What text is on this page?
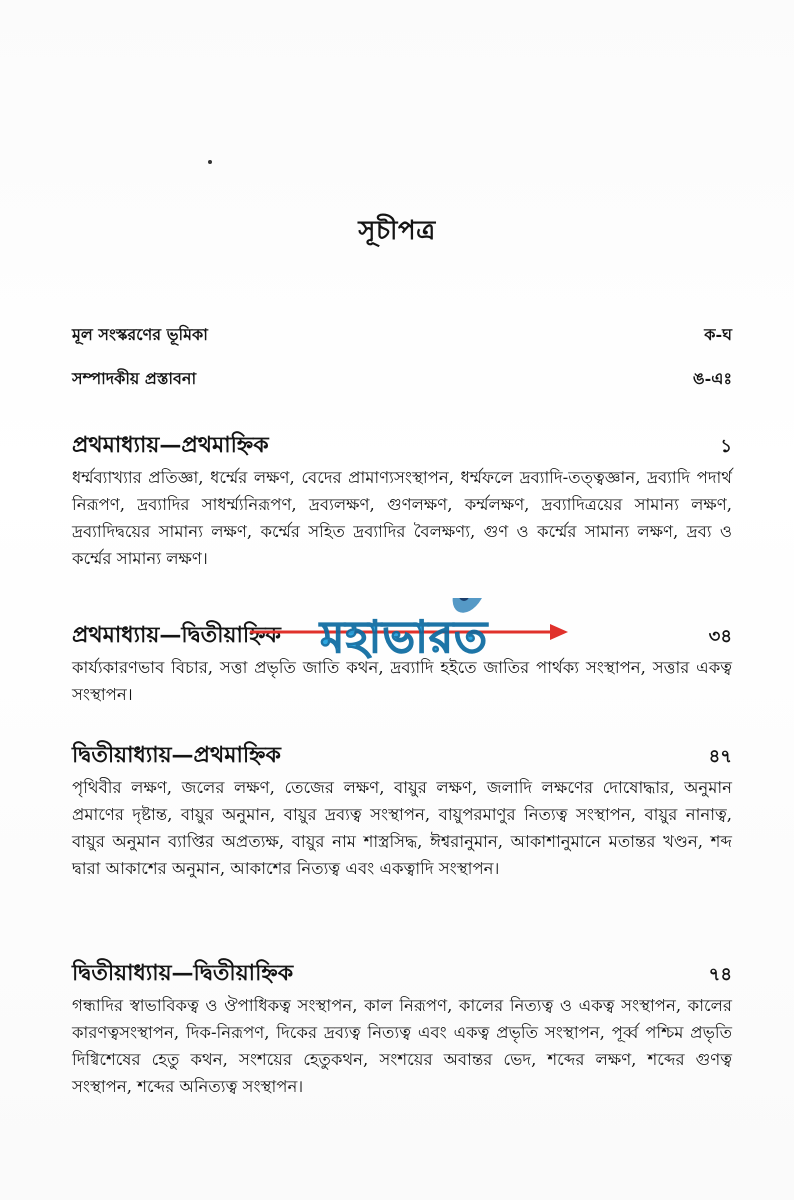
সূচীপত্র
মূল সংস্করণের ভূমিকা	ক-ঘ
সম্পাদকীয় প্রস্তাবনা	ঙ-এঃ
প্রথমাধ্যায়—প্রথমাহ্নিক	১
ধর্ম্মব্যাখ্যার প্রতিজ্ঞা, ধর্ম্মের লক্ষণ, বেদের প্রামাণ্যসংস্থাপন, ধর্ম্মফলে দ্রব্যাদি-তত্ত্বজ্ঞান, দ্রব্যাদি পদার্থ নিরূপণ, দ্রব্যাদির সাধর্ম্ম্যনিরূপণ, দ্রব্যলক্ষণ, গুণলক্ষণ, কর্ম্মলক্ষণ, দ্রব্যাদিত্রয়ের সামান্য লক্ষণ, দ্রব্যাদিদ্বয়ের সামান্য লক্ষণ, কর্ম্মের সহিত দ্রব্যাদির বৈলক্ষণ্য, গুণ ও কর্ম্মের সামান্য লক্ষণ, দ্রব্য ও কর্ম্মের সামান্য লক্ষণ।
প্রথমাধ্যায়—দ্বিতীয়াহ্নিক	৩৪
কার্য্যকারণভাব বিচার, সত্তা প্রভৃতি জাতি কথন, দ্রব্যাদি হইতে জাতির পার্থক্য সংস্থাপন, সত্তার একত্ব সংস্থাপন।
দ্বিতীয়াধ্যায়—প্রথমাহ্নিক	৪৭
পৃথিবীর লক্ষণ, জলের লক্ষণ, তেজের লক্ষণ, বায়ুর লক্ষণ, জলাদি লক্ষণের দোষোদ্ধার, অনুমান প্রমাণের দৃষ্টান্ত, বায়ুর অনুমান, বায়ুর দ্রব্যত্ব সংস্থাপন, বায়ুপরমাণুর নিত্যত্ব সংস্থাপন, বায়ুর নানাত্ব, বায়ুর অনুমান ব্যাপ্তির অপ্রত্যক্ষ, বায়ুর নাম শাস্ত্রসিদ্ধ, ঈশ্বরানুমান, আকাশানুমানে মতান্তর খণ্ডন, শব্দ দ্বারা আকাশের অনুমান, আকাশের নিত্যত্ব এবং একত্বাদি সংস্থাপন।
দ্বিতীয়াধ্যায়—দ্বিতীয়াহ্নিক	৭৪
গন্ধাদির স্বাভাবিকত্ব ও ঔপাধিকত্ব সংস্থাপন, কাল নিরূপণ, কালের নিত্যত্ব ও একত্ব সংস্থাপন, কালের কারণত্বসংস্থাপন, দিক-নিরূপণ, দিকের দ্রব্যত্ব নিত্যত্ব এবং একত্ব প্রভৃতি সংস্থাপন, পূর্ব্ব পশ্চিম প্রভৃতি দিগ্বিশেষের হেতু কথন, সংশয়ের হেতুকথন, সংশয়ের অবান্তর ভেদ, শব্দের লক্ষণ, শব্দের গুণত্ব সংস্থাপন, শব্দের অনিত্যত্ব সংস্থাপন।
মহাভারত
